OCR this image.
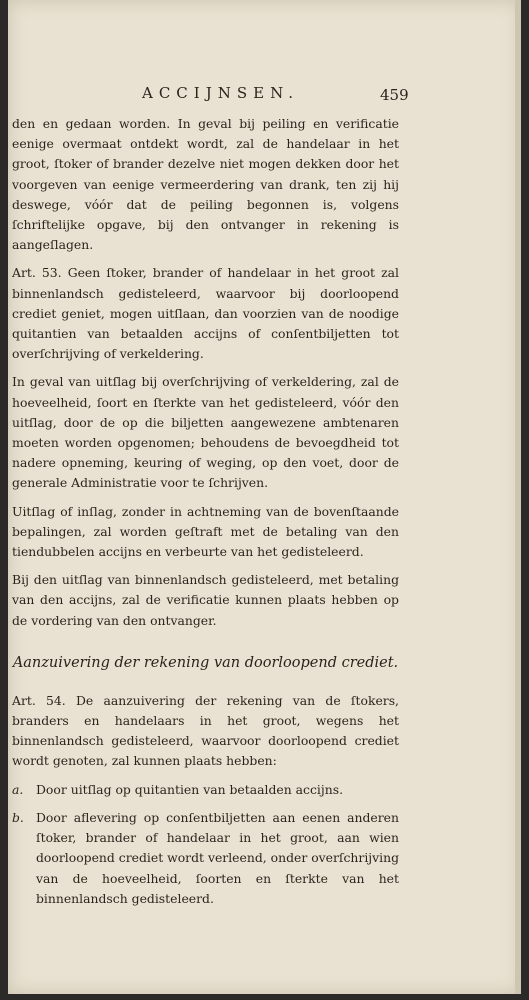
ACCIJNSEN.	459

den en gedaan worden. In geval bij peiling en verificatie eenige overmaat ontdekt wordt, zal de handelaar in het groot, ſtoker of brander dezelve niet mogen dekken door het voorgeven van eenige vermeerdering van drank, ten zij hij deswege, vóór dat de peiling begonnen is, volgens ſchriftelijke opgave, bij den ontvanger in rekening is aangeſlagen.

Art. 53. Geen ſtoker, brander of handelaar in het groot zal binnenlandsch gedisteleerd, waarvoor bij doorloopend crediet geniet, mogen uitſlaan, dan voorzien van de noodige quitantien van betaalden accijns of conſentbiljetten tot overſchrijving of verkeldering.

In geval van uitſlag bij overſchrijving of verkeldering, zal de hoeveelheid, ſoort en ſterkte van het gedisteleerd, vóór den uitſlag, door de op die biljetten aangewezene ambtenaren moeten worden opgenomen; behoudens de bevoegdheid tot nadere opneming, keuring of weging, op den voet, door de generale Administratie voor te ſchrijven.

Uitſlag of inſlag, zonder in achtneming van de bovenſtaande bepalingen, zal worden geſtraft met de betaling van den tiendubbelen accijns en verbeurte van het gedisteleerd.

Bij den uitſlag van binnenlandsch gedisteleerd, met betaling van den accijns, zal de verificatie kunnen plaats hebben op de vordering van den ontvanger.

Aanzuivering der rekening van doorloopend crediet.

Art. 54. De aanzuivering der rekening van de ſtokers, branders en handelaars in het groot, wegens het binnenlandsch gedisteleerd, waarvoor doorloopend crediet wordt genoten, zal kunnen plaats hebben:

a.	Door uitſlag op quitantien van betaalden accijns.
b. Door aflevering op conſentbiljetten aan eenen anderen ſtoker, brander of handelaar in het groot, aan wien doorloopend crediet wordt verleend, onder overſchrijving van de hoeveelheid, ſoorten en ſterkte van het binnenlandsch gedisteleerd.
